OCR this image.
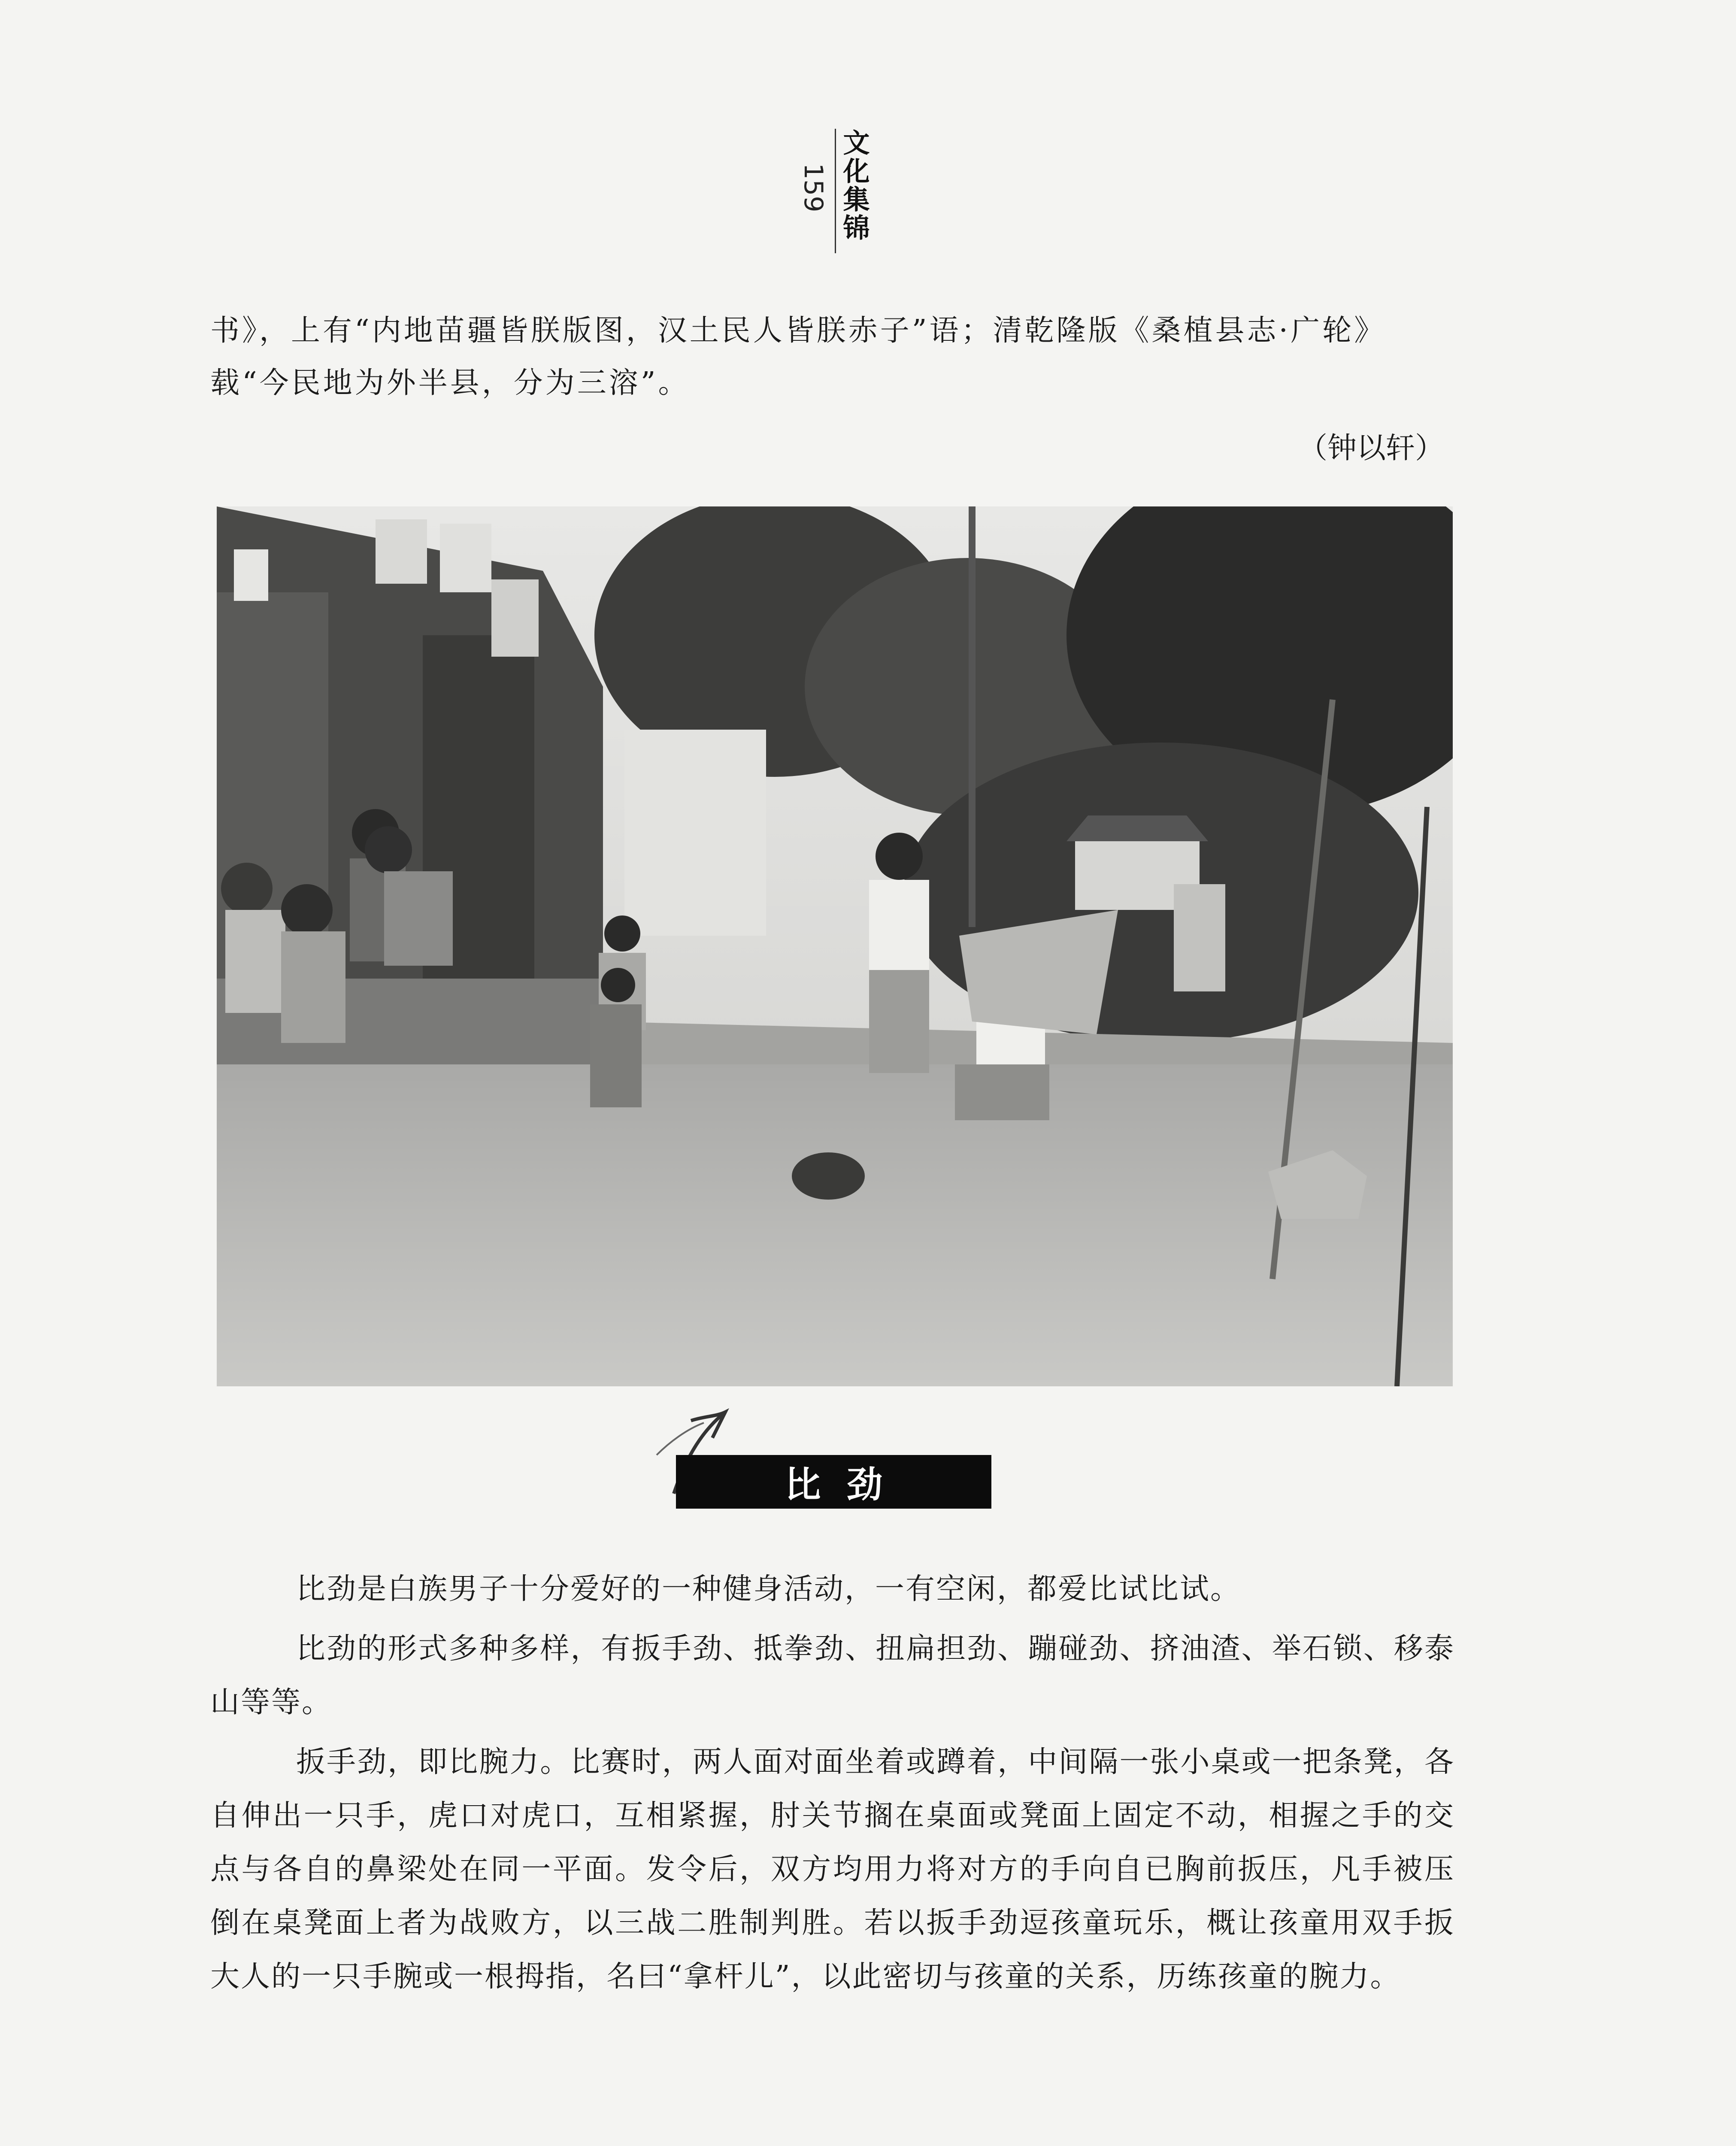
文化集锦
159
书》，上有“内地苗疆皆朕版图，汉土民人皆朕赤子”语；清乾隆版《桑植县志·广轮》载“今民地为外半县，分为三溶”。
（钟以轩）
比劲

比劲是白族男子十分爱好的一种健身活动，一有空闲，都爱比试比试。

比劲的形式多种多样，有扳手劲、抵拳劲、扭扁担劲、蹦碰劲、挤油渣、举石锁、移泰山等等。

扳手劲，即比腕力。比赛时，两人面对面坐着或蹲着，中间隔一张小桌或一把条凳，各自伸出一只手，虎口对虎口，互相紧握，肘关节搁在桌面或凳面上固定不动，相握之手的交点与各自的鼻梁处在同一平面。发令后，双方均用力将对方的手向自已胸前扳压，凡手被压倒在桌凳面上者为战败方，以三战二胜制判胜。若以扳手劲逗孩童玩乐，概让孩童用双手扳大人的一只手腕或一根拇指，名曰“拿杆儿”，以此密切与孩童的关系，历练孩童的腕力。
